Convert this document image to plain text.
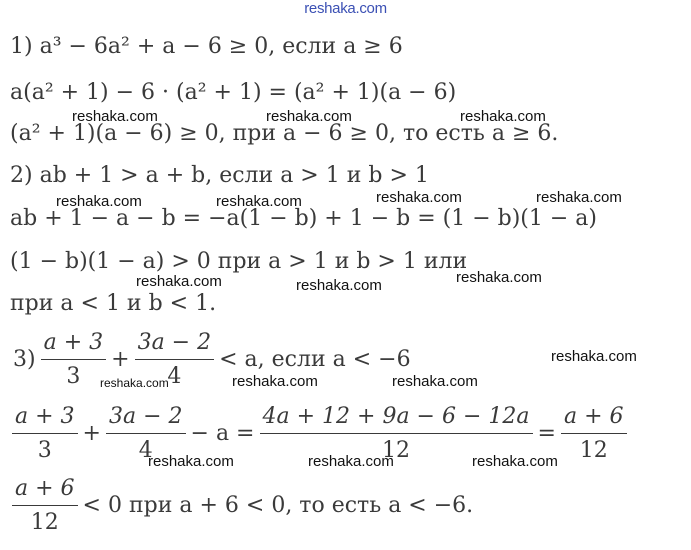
reshaka.com
1) a³ − 6a² + a − 6 ≥ 0, если a ≥ 6
a(a² + 1) − 6 · (a² + 1) = (a² + 1)(a − 6)
(a² + 1)(a − 6) ≥ 0, при a − 6 ≥ 0, то есть a ≥ 6.
2) ab + 1 > a + b, если a > 1 и b > 1
ab + 1 − a − b = −a(1 − b) + 1 − b = (1 − b)(1 − a)
(1 − b)(1 − a) > 0 при a > 1 и b > 1 или
при a < 1 и b < 1.
$3) \frac{a + 3}{3} + \frac{3a - 2}{4} < a$, если a < −6
$\frac{a + 3}{3} + \frac{3a - 2}{4} - a = \frac{4a + 12 + 9a - 6 - 12a}{12} = \frac{a + 6}{12}$
$\frac{a + 6}{12} < 0$ при a + 6 < 0, то есть a < −6.
reshaka.com	reshaka.com	reshaka.com
reshaka.com	reshaka.com
reshaka.com	reshaka.com
reshaka.com
reshaka.com	reshaka.com
reshaka.com
reshaka.com	reshaka.com	reshaka.com
reshaka.com	reshaka.com	reshaka.com
